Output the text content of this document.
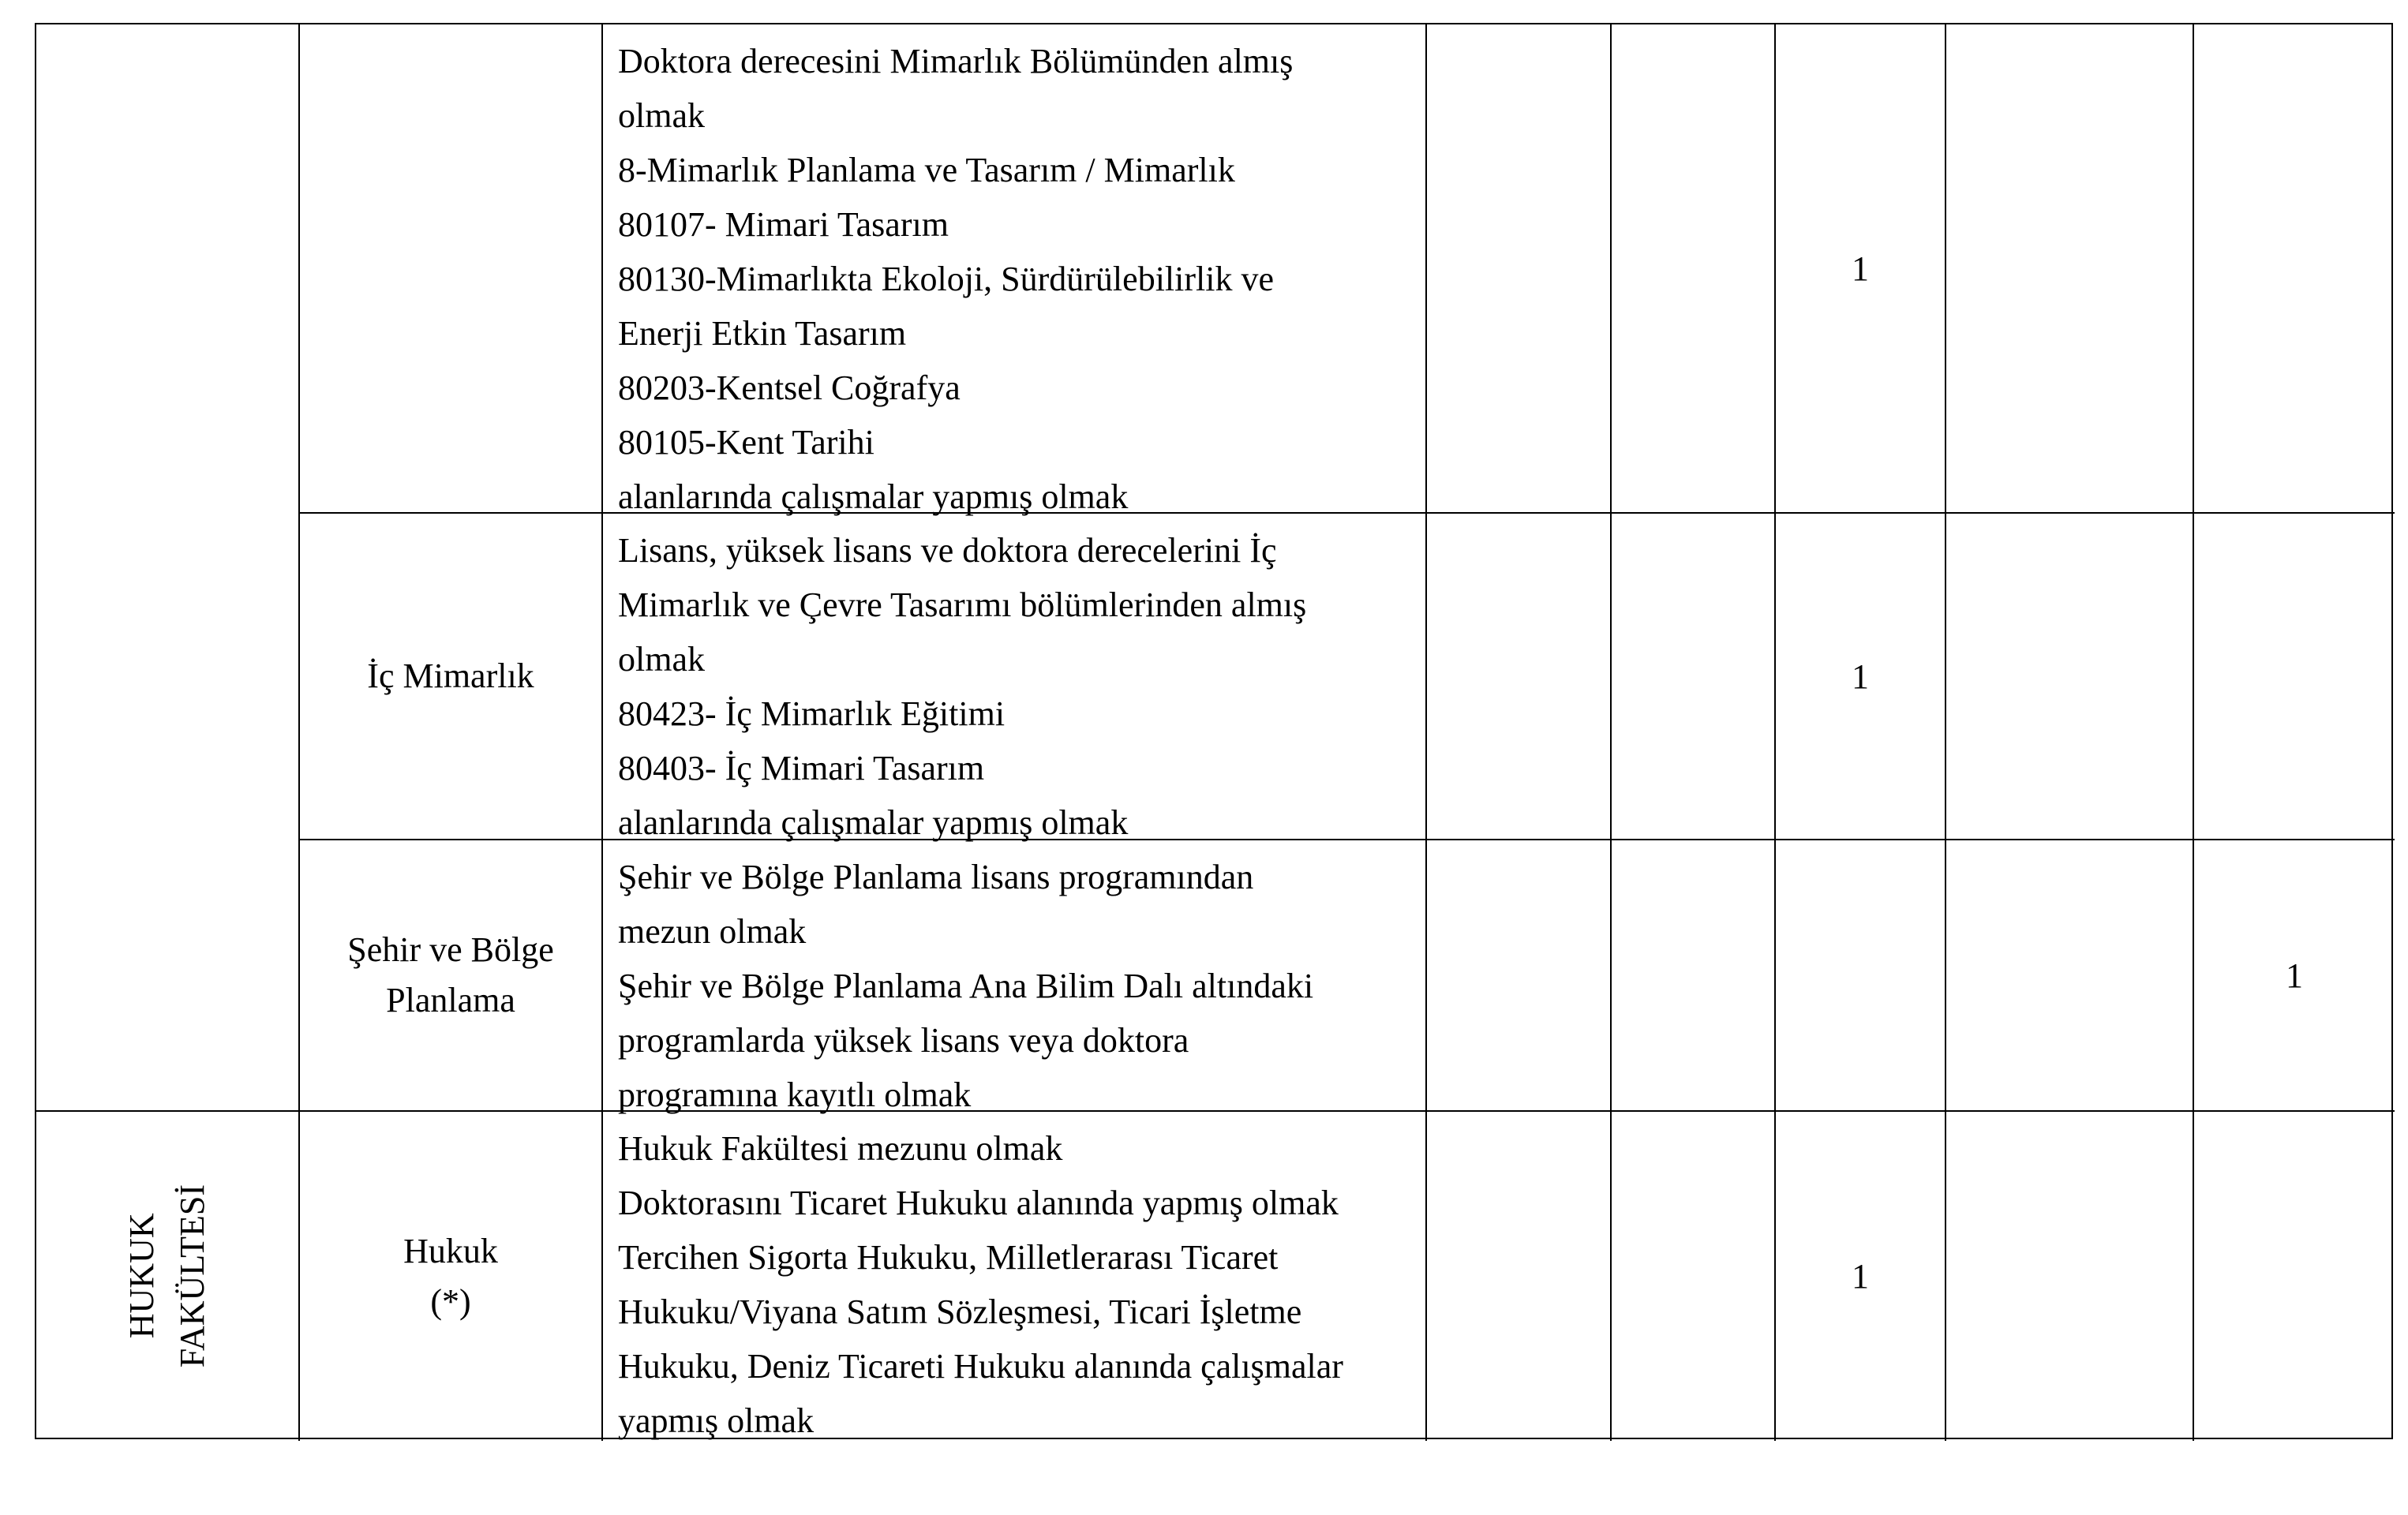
Doktora derecesini Mimarlık Bölümünden almış
olmak
8-Mimarlık Planlama ve Tasarım / Mimarlık
80107- Mimari Tasarım
80130-Mimarlıkta Ekoloji, Sürdürülebilirlik ve
Enerji Etkin Tasarım
80203-Kentsel Coğrafya
80105-Kent Tarihi
alanlarında çalışmalar yapmış olmak
1
İç Mimarlık
Lisans, yüksek lisans ve doktora derecelerini İç
Mimarlık ve Çevre Tasarımı bölümlerinden almış
olmak
80423- İç Mimarlık Eğitimi
80403- İç Mimari Tasarım
alanlarında çalışmalar yapmış olmak
1
Şehir ve Bölge
Planlama
Şehir ve Bölge Planlama lisans programından
mezun olmak
Şehir ve Bölge Planlama Ana Bilim Dalı altındaki
programlarda yüksek lisans veya doktora
programına kayıtlı olmak
1
HUKUK FAKÜLTESİ	Hukuk
(*)
Hukuk Fakültesi mezunu olmak
Doktorasını Ticaret Hukuku alanında yapmış olmak
Tercihen Sigorta Hukuku, Milletlerarası Ticaret
Hukuku/Viyana Satım Sözleşmesi, Ticari İşletme
Hukuku, Deniz Ticareti Hukuku alanında çalışmalar
yapmış olmak
1
